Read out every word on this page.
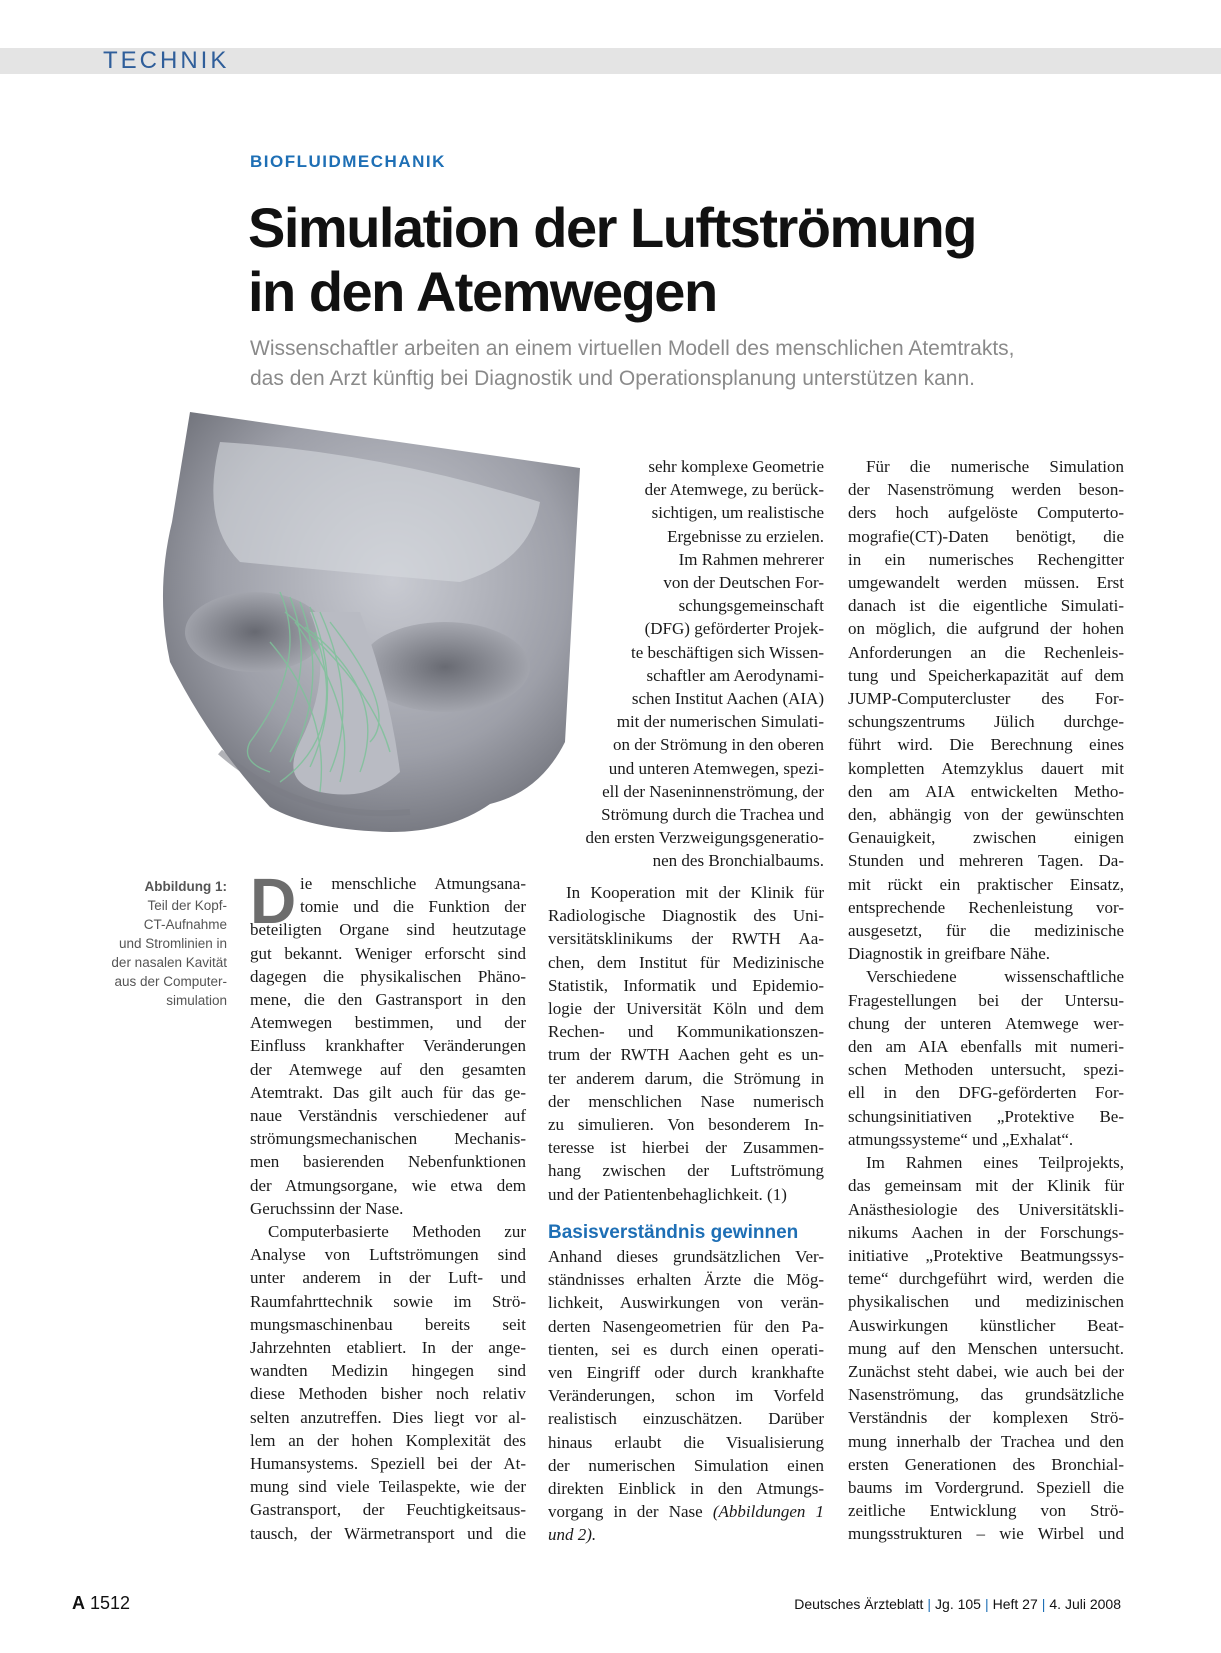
TECHNIK
BIOFLUIDMECHANIK
Simulation der Luftströmung
in den Atemwegen
Wissenschaftler arbeiten an einem virtuellen Modell des menschlichen Atemtrakts,
das den Arzt künftig bei Diagnostik und Operationsplanung unterstützen kann.
Abbildung 1:
Teil der Kopf-
CT-Aufnahme
und Stromlinien in
der nasalen Kavität
aus der Computer-
simulation
D ie menschliche Atmungsana-
tomie und die Funktion der
beteiligten Organe sind heutzutage
gut bekannt. Weniger erforscht sind
dagegen die physikalischen Phäno-
mene, die den Gastransport in den
Atemwegen bestimmen, und der
Einfluss krankhafter Veränderungen
der Atemwege auf den gesamten
Atemtrakt. Das gilt auch für das ge-
naue Verständnis verschiedener auf
strömungsmechanischen Mechanis-
men basierenden Nebenfunktionen
der Atmungsorgane, wie etwa dem
Geruchssinn der Nase.
Computerbasierte Methoden zur
Analyse von Luftströmungen sind
unter anderem in der Luft- und
Raumfahrttechnik sowie im Strö-
mungsmaschinenbau bereits seit
Jahrzehnten etabliert. In der ange-
wandten Medizin hingegen sind
diese Methoden bisher noch relativ
selten anzutreffen. Dies liegt vor al-
lem an der hohen Komplexität des
Humansystems. Speziell bei der At-
mung sind viele Teilaspekte, wie der
Gastransport, der Feuchtigkeitsaus-
tausch, der Wärmetransport und die
sehr komplexe Geometrie
der Atemwege, zu berück-
sichtigen, um realistische
Ergebnisse zu erzielen.
Im Rahmen mehrerer
von der Deutschen For-
schungsgemeinschaft
(DFG) geförderter Projek-
te beschäftigen sich Wissen-
schaftler am Aerodynami-
schen Institut Aachen (AIA)
mit der numerischen Simulati-
on der Strömung in den oberen
und unteren Atemwegen, spezi-
ell der Naseninnenströmung, der
Strömung durch die Trachea und
den ersten Verzweigungsgeneratio-
nen des Bronchialbaums.
In Kooperation mit der Klinik für
Radiologische Diagnostik des Uni-
versitätsklinikums der RWTH Aa-
chen, dem Institut für Medizinische
Statistik, Informatik und Epidemio-
logie der Universität Köln und dem
Rechen- und Kommunikationszen-
trum der RWTH Aachen geht es un-
ter anderem darum, die Strömung in
der menschlichen Nase numerisch
zu simulieren. Von besonderem In-
teresse ist hierbei der Zusammen-
hang zwischen der Luftströmung
und der Patientenbehaglichkeit. (1)
Basisverständnis gewinnen
Anhand dieses grundsätzlichen Ver-
ständnisses erhalten Ärzte die Mög-
lichkeit, Auswirkungen von verän-
derten Nasengeometrien für den Pa-
tienten, sei es durch einen operati-
ven Eingriff oder durch krankhafte
Veränderungen, schon im Vorfeld
realistisch einzuschätzen. Darüber
hinaus erlaubt die Visualisierung
der numerischen Simulation einen
direkten Einblick in den Atmungs-
vorgang in der Nase (Abbildungen 1
und 2).
Für die numerische Simulation
der Nasenströmung werden beson-
ders hoch aufgelöste Computerto-
mografie(CT)-Daten benötigt, die
in ein numerisches Rechengitter
umgewandelt werden müssen. Erst
danach ist die eigentliche Simulati-
on möglich, die aufgrund der hohen
Anforderungen an die Rechenleis-
tung und Speicherkapazität auf dem
JUMP-Computercluster des For-
schungszentrums Jülich durchge-
führt wird. Die Berechnung eines
kompletten Atemzyklus dauert mit
den am AIA entwickelten Metho-
den, abhängig von der gewünschten
Genauigkeit, zwischen einigen
Stunden und mehreren Tagen. Da-
mit rückt ein praktischer Einsatz,
entsprechende Rechenleistung vor-
ausgesetzt, für die medizinische
Diagnostik in greifbare Nähe.
Verschiedene wissenschaftliche
Fragestellungen bei der Untersu-
chung der unteren Atemwege wer-
den am AIA ebenfalls mit numeri-
schen Methoden untersucht, spezi-
ell in den DFG-geförderten For-
schungsinitiativen „Protektive Be-
atmungssysteme“ und „Exhalat“.
Im Rahmen eines Teilprojekts,
das gemeinsam mit der Klinik für
Anästhesiologie des Universitätskli-
nikums Aachen in der Forschungs-
initiative „Protektive Beatmungssys-
teme“ durchgeführt wird, werden die
physikalischen und medizinischen
Auswirkungen künstlicher Beat-
mung auf den Menschen untersucht.
Zunächst steht dabei, wie auch bei der
Nasenströmung, das grundsätzliche
Verständnis der komplexen Strö-
mung innerhalb der Trachea und den
ersten Generationen des Bronchial-
baums im Vordergrund. Speziell die
zeitliche Entwicklung von Strö-
mungsstrukturen – wie Wirbel und
A 1512	Deutsches Ärzteblatt | Jg. 105 | Heft 27 | 4. Juli 2008
